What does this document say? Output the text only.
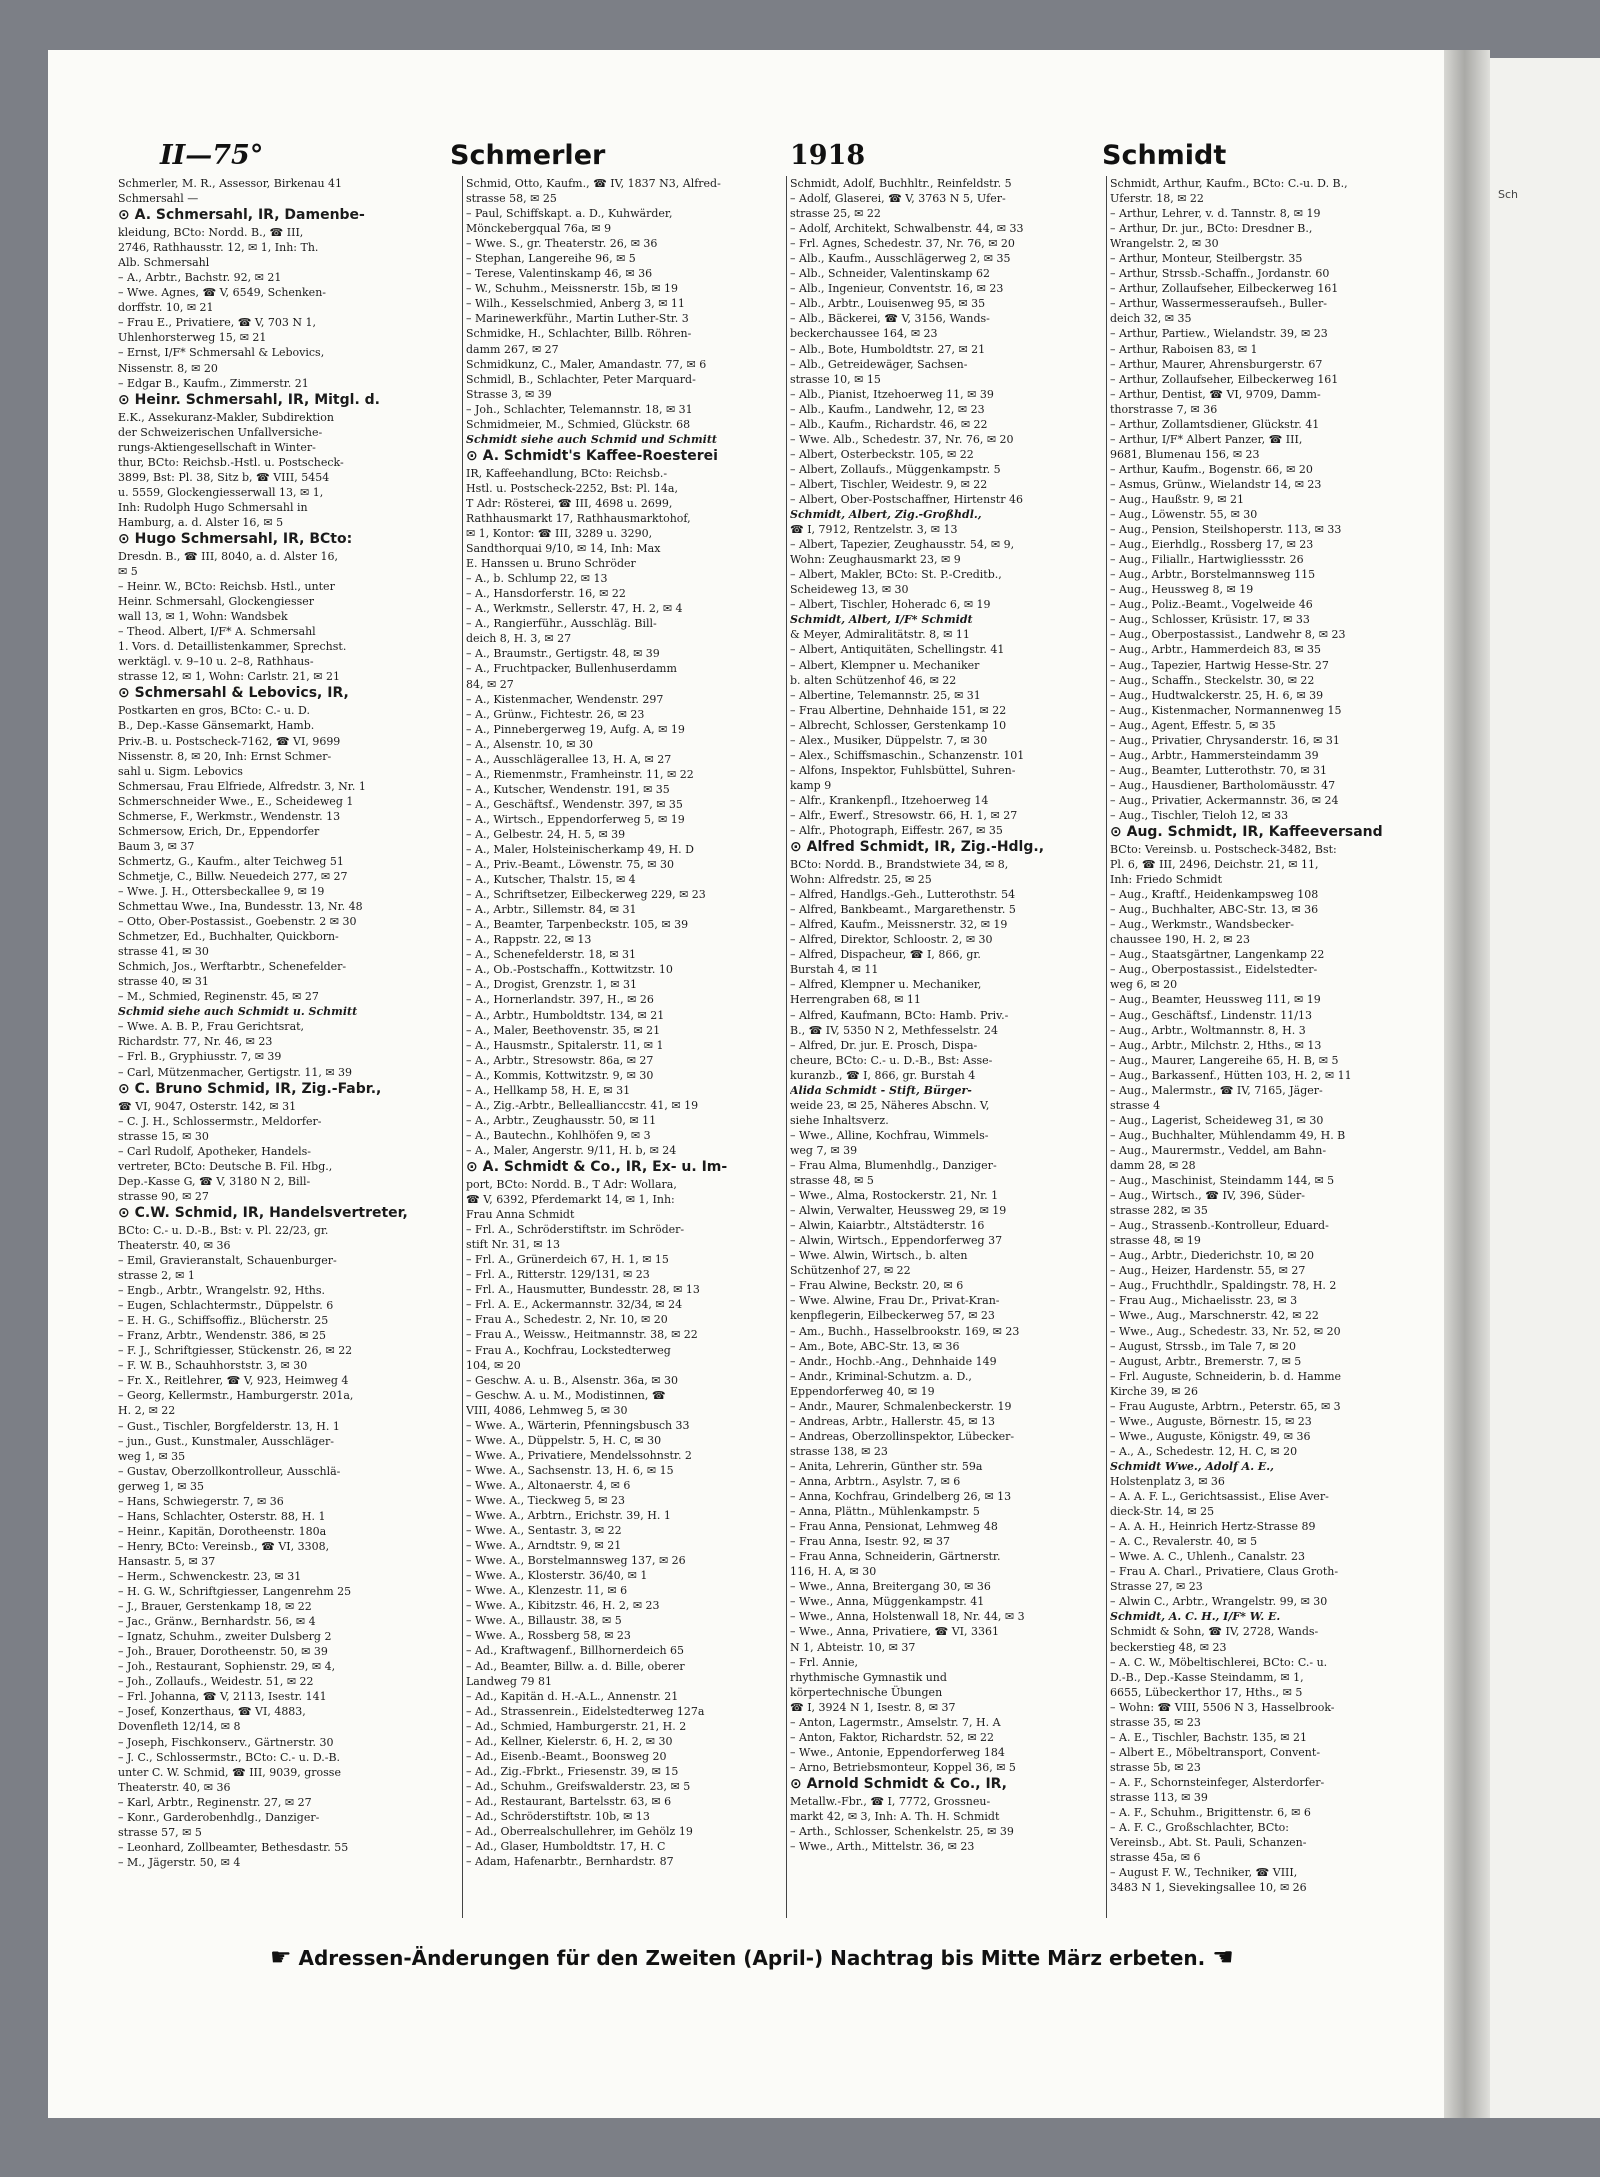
II—75°	Schmerler	1918	Schmidt

Schmerler, M. R., Assessor, Birkenau 41

Schmersahl —

⊙ A. Schmersahl, IR, Damenbe-

kleidung, BCto: Nordd. B., ☎ III,

2746, Rathhausstr. 12, ✉ 1, Inh: Th.

Alb. Schmersahl

– A., Arbtr., Bachstr. 92, ✉ 21

– Wwe. Agnes, ☎ V, 6549, Schenken-

dorffstr. 10, ✉ 21

– Frau E., Privatiere, ☎ V, 703 N 1,

Uhlenhorsterweg 15, ✉ 21

– Ernst, I/F* Schmersahl & Lebovics,

Nissenstr. 8, ✉ 20

– Edgar B., Kaufm., Zimmerstr. 21

⊙ Heinr. Schmersahl, IR, Mitgl. d.

E.K., Assekuranz-Makler, Subdirektion

der Schweizerischen Unfallversiche-

rungs-Aktiengesellschaft in Winter-

thur, BCto: Reichsb.-Hstl. u. Postscheck-

3899, Bst: Pl. 38, Sitz b, ☎ VIII, 5454

u. 5559, Glockengiesserwall 13, ✉ 1,

Inh: Rudolph Hugo Schmersahl in

Hamburg, a. d. Alster 16, ✉ 5

⊙ Hugo Schmersahl, IR, BCto:

Dresdn. B., ☎ III, 8040, a. d. Alster 16,

✉ 5

– Heinr. W., BCto: Reichsb. Hstl., unter

Heinr. Schmersahl, Glockengiesser

wall 13, ✉ 1, Wohn: Wandsbek

– Theod. Albert, I/F* A. Schmersahl

1. Vors. d. Detaillistenkammer, Sprechst.

werktägl. v. 9–10 u. 2–8, Rathhaus-

strasse 12, ✉ 1, Wohn: Carlstr. 21, ✉ 21

⊙ Schmersahl & Lebovics, IR,

Postkarten en gros, BCto: C.- u. D.

B., Dep.-Kasse Gänsemarkt, Hamb.

Priv.-B. u. Postscheck-7162, ☎ VI, 9699

Nissenstr. 8, ✉ 20, Inh: Ernst Schmer-

sahl u. Sigm. Lebovics

Schmersau, Frau Elfriede, Alfredstr. 3, Nr. 1

Schmerschneider Wwe., E., Scheideweg 1

Schmerse, F., Werkmstr., Wendenstr. 13

Schmersow, Erich, Dr., Eppendorfer

Baum 3, ✉ 37

Schmertz, G., Kaufm., alter Teichweg 51

Schmetje, C., Billw. Neuedeich 277, ✉ 27

– Wwe. J. H., Ottersbeckallee 9, ✉ 19

Schmettau Wwe., Ina, Bundesstr. 13, Nr. 48

– Otto, Ober-Postassist., Goebenstr. 2 ✉ 30

Schmetzer, Ed., Buchhalter, Quickborn-

strasse 41, ✉ 30

Schmich, Jos., Werftarbtr., Schenefelder-

strasse 40, ✉ 31

– M., Schmied, Reginenstr. 45, ✉ 27

Schmid siehe auch Schmidt u. Schmitt

– Wwe. A. B. P., Frau Gerichtsrat,

Richardstr. 77, Nr. 46, ✉ 23

– Frl. B., Gryphiusstr. 7, ✉ 39

– Carl, Mützenmacher, Gertigstr. 11, ✉ 39

⊙ C. Bruno Schmid, IR, Zig.-Fabr.,

☎ VI, 9047, Osterstr. 142, ✉ 31

– C. J. H., Schlossermstr., Meldorfer-

strasse 15, ✉ 30

– Carl Rudolf, Apotheker, Handels-

vertreter, BCto: Deutsche B. Fil. Hbg.,

Dep.-Kasse G, ☎ V, 3180 N 2, Bill-

strasse 90, ✉ 27

⊙ C.W. Schmid, IR, Handelsvertreter,

BCto: C.- u. D.-B., Bst: v. Pl. 22/23, gr.

Theaterstr. 40, ✉ 36

– Emil, Gravieranstalt, Schauenburger-

strasse 2, ✉ 1

– Engb., Arbtr., Wrangelstr. 92, Hths.

– Eugen, Schlachtermstr., Düppelstr. 6

– E. H. G., Schiffsoffiz., Blücherstr. 25

– Franz, Arbtr., Wendenstr. 386, ✉ 25

– F. J., Schriftgiesser, Stückenstr. 26, ✉ 22

– F. W. B., Schauhhorststr. 3, ✉ 30

– Fr. X., Reitlehrer, ☎ V, 923, Heimweg 4

– Georg, Kellermstr., Hamburgerstr. 201a,

H. 2, ✉ 22

– Gust., Tischler, Borgfelderstr. 13, H. 1

– jun., Gust., Kunstmaler, Ausschläger-

weg 1, ✉ 35

– Gustav, Oberzollkontrolleur, Ausschlä-

gerweg 1, ✉ 35

– Hans, Schwiegerstr. 7, ✉ 36

– Hans, Schlachter, Osterstr. 88, H. 1

– Heinr., Kapitän, Dorotheenstr. 180a

– Henry, BCto: Vereinsb., ☎ VI, 3308,

Hansastr. 5, ✉ 37

– Herm., Schwenckestr. 23, ✉ 31

– H. G. W., Schriftgiesser, Langenrehm 25

– J., Brauer, Gerstenkamp 18, ✉ 22

– Jac., Gränw., Bernhardstr. 56, ✉ 4

– Ignatz, Schuhm., zweiter Dulsberg 2

– Joh., Brauer, Dorotheenstr. 50, ✉ 39

– Joh., Restaurant, Sophienstr. 29, ✉ 4,

– Joh., Zollaufs., Weidestr. 51, ✉ 22

– Frl. Johanna, ☎ V, 2113, Isestr. 141

– Josef, Konzerthaus, ☎ VI, 4883,

Dovenfleth 12/14, ✉ 8

– Joseph, Fischkonserv., Gärtnerstr. 30

– J. C., Schlossermstr., BCto: C.- u. D.-B.

unter C. W. Schmid, ☎ III, 9039, grosse

Theaterstr. 40, ✉ 36

– Karl, Arbtr., Reginenstr. 27, ✉ 27

– Konr., Garderobenhdlg., Danziger-

strasse 57, ✉ 5

– Leonhard, Zollbeamter, Bethesdastr. 55

– M., Jägerstr. 50, ✉ 4

Schmid, Otto, Kaufm., ☎ IV, 1837 N3, Alfred-

strasse 58, ✉ 25

– Paul, Schiffskapt. a. D., Kuhwärder,

Mönckebergqual 76a, ✉ 9

– Wwe. S., gr. Theaterstr. 26, ✉ 36

– Stephan, Langereihe 96, ✉ 5

– Terese, Valentinskamp 46, ✉ 36

– W., Schuhm., Meissnerstr. 15b, ✉ 19

– Wilh., Kesselschmied, Anberg 3, ✉ 11

– Marinewerkführ., Martin Luther-Str. 3

Schmidke, H., Schlachter, Billb. Röhren-

damm 267, ✉ 27

Schmidkunz, C., Maler, Amandastr. 77, ✉ 6

Schmidl, B., Schlachter, Peter Marquard-

Strasse 3, ✉ 39

– Joh., Schlachter, Telemannstr. 18, ✉ 31

Schmidmeier, M., Schmied, Glückstr. 68

Schmidt siehe auch Schmid und Schmitt

⊙ A. Schmidt's Kaffee-Roesterei

IR, Kaffeehandlung, BCto: Reichsb.-

Hstl. u. Postscheck-2252, Bst: Pl. 14a,

T Adr: Rösterei, ☎ III, 4698 u. 2699,

Rathhausmarkt 17, Rathhausmarktohof,

✉ 1, Kontor: ☎ III, 3289 u. 3290,

Sandthorquai 9/10, ✉ 14, Inh: Max

E. Hanssen u. Bruno Schröder

– A., b. Schlump 22, ✉ 13

– A., Hansdorferstr. 16, ✉ 22

– A., Werkmstr., Sellerstr. 47, H. 2, ✉ 4

– A., Rangierführ., Ausschläg. Bill-

deich 8, H. 3, ✉ 27

– A., Braumstr., Gertigstr. 48, ✉ 39

– A., Fruchtpacker, Bullenhuserdamm

84, ✉ 27

– A., Kistenmacher, Wendenstr. 297

– A., Grünw., Fichtestr. 26, ✉ 23

– A., Pinnebergerweg 19, Aufg. A, ✉ 19

– A., Alsenstr. 10, ✉ 30

– A., Ausschlägerallee 13, H. A, ✉ 27

– A., Riemenmstr., Framheinstr. 11, ✉ 22

– A., Kutscher, Wendenstr. 191, ✉ 35

– A., Geschäftsf., Wendenstr. 397, ✉ 35

– A., Wirtsch., Eppendorferweg 5, ✉ 19

– A., Gelbestr. 24, H. 5, ✉ 39

– A., Maler, Holsteinischerkamp 49, H. D

– A., Priv.-Beamt., Löwenstr. 75, ✉ 30

– A., Kutscher, Thalstr. 15, ✉ 4

– A., Schriftsetzer, Eilbeckerweg 229, ✉ 23

– A., Arbtr., Sillemstr. 84, ✉ 31

– A., Beamter, Tarpenbeckstr. 105, ✉ 39

– A., Rappstr. 22, ✉ 13

– A., Schenefelderstr. 18, ✉ 31

– A., Ob.-Postschaffn., Kottwitzstr. 10

– A., Drogist, Grenzstr. 1, ✉ 31

– A., Hornerlandstr. 397, H., ✉ 26

– A., Arbtr., Humboldtstr. 134, ✉ 21

– A., Maler, Beethovenstr. 35, ✉ 21

– A., Hausmstr., Spitalerstr. 11, ✉ 1

– A., Arbtr., Stresowstr. 86a, ✉ 27

– A., Kommis, Kottwitzstr. 9, ✉ 30

– A., Hellkamp 58, H. E, ✉ 31

– A., Zig.-Arbtr., Belleallianccstr. 41, ✉ 19

– A., Arbtr., Zeughausstr. 50, ✉ 11

– A., Bautechn., Kohlhöfen 9, ✉ 3

– A., Maler, Angerstr. 9/11, H. b, ✉ 24

⊙ A. Schmidt & Co., IR, Ex- u. Im-

port, BCto: Nordd. B., T Adr: Wollara,

☎ V, 6392, Pferdemarkt 14, ✉ 1, Inh:

Frau Anna Schmidt

– Frl. A., Schröderstiftstr. im Schröder-

stift Nr. 31, ✉ 13

– Frl. A., Grünerdeich 67, H. 1, ✉ 15

– Frl. A., Ritterstr. 129/131, ✉ 23

– Frl. A., Hausmutter, Bundesstr. 28, ✉ 13

– Frl. A. E., Ackermannstr. 32/34, ✉ 24

– Frau A., Schedestr. 2, Nr. 10, ✉ 20

– Frau A., Weissw., Heitmannstr. 38, ✉ 22

– Frau A., Kochfrau, Lockstedterweg

104, ✉ 20

– Geschw. A. u. B., Alsenstr. 36a, ✉ 30

– Geschw. A. u. M., Modistinnen, ☎

VIII, 4086, Lehmweg 5, ✉ 30

– Wwe. A., Wärterin, Pfenningsbusch 33

– Wwe. A., Düppelstr. 5, H. C, ✉ 30

– Wwe. A., Privatiere, Mendelssohnstr. 2

– Wwe. A., Sachsenstr. 13, H. 6, ✉ 15

– Wwe. A., Altonaerstr. 4, ✉ 6

– Wwe. A., Tieckweg 5, ✉ 23

– Wwe. A., Arbtrn., Erichstr. 39, H. 1

– Wwe. A., Sentastr. 3, ✉ 22

– Wwe. A., Arndtstr. 9, ✉ 21

– Wwe. A., Borstelmannsweg 137, ✉ 26

– Wwe. A., Klosterstr. 36/40, ✉ 1

– Wwe. A., Klenzestr. 11, ✉ 6

– Wwe. A., Kibitzstr. 46, H. 2, ✉ 23

– Wwe. A., Billaustr. 38, ✉ 5

– Wwe. A., Rossberg 58, ✉ 23

– Ad., Kraftwagenf., Billhornerdeich 65

– Ad., Beamter, Billw. a. d. Bille, oberer

Landweg 79 81

– Ad., Kapitän d. H.-A.L., Annenstr. 21

– Ad., Strassenrein., Eidelstedterweg 127a

– Ad., Schmied, Hamburgerstr. 21, H. 2

– Ad., Kellner, Kielerstr. 6, H. 2, ✉ 30

– Ad., Eisenb.-Beamt., Boonsweg 20

– Ad., Zig.-Fbrkt., Friesenstr. 39, ✉ 15

– Ad., Schuhm., Greifswalderstr. 23, ✉ 5

– Ad., Restaurant, Bartelsstr. 63, ✉ 6

– Ad., Schröderstiftstr. 10b, ✉ 13

– Ad., Oberrealschullehrer, im Gehölz 19

– Ad., Glaser, Humboldtstr. 17, H. C

– Adam, Hafenarbtr., Bernhardstr. 87

Schmidt, Adolf, Buchhltr., Reinfeldstr. 5

– Adolf, Glaserei, ☎ V, 3763 N 5, Ufer-

strasse 25, ✉ 22

– Adolf, Architekt, Schwalbenstr. 44, ✉ 33

– Frl. Agnes, Schedestr. 37, Nr. 76, ✉ 20

– Alb., Kaufm., Ausschlägerweg 2, ✉ 35

– Alb., Schneider, Valentinskamp 62

– Alb., Ingenieur, Conventstr. 16, ✉ 23

– Alb., Arbtr., Louisenweg 95, ✉ 35

– Alb., Bäckerei, ☎ V, 3156, Wands-

beckerchaussee 164, ✉ 23

– Alb., Bote, Humboldtstr. 27, ✉ 21

– Alb., Getreidewäger, Sachsen-

strasse 10, ✉ 15

– Alb., Pianist, Itzehoerweg 11, ✉ 39

– Alb., Kaufm., Landwehr, 12, ✉ 23

– Alb., Kaufm., Richardstr. 46, ✉ 22

– Wwe. Alb., Schedestr. 37, Nr. 76, ✉ 20

– Albert, Osterbeckstr. 105, ✉ 22

– Albert, Zollaufs., Müggenkampstr. 5

– Albert, Tischler, Weidestr. 9, ✉ 22

– Albert, Ober-Postschaffner, Hirtenstr 46

Schmidt, Albert, Zig.-Großhdl.,

☎ I, 7912, Rentzelstr. 3, ✉ 13

– Albert, Tapezier, Zeughausstr. 54, ✉ 9,

Wohn: Zeughausmarkt 23, ✉ 9

– Albert, Makler, BCto: St. P.-Creditb.,

Scheideweg 13, ✉ 30

– Albert, Tischler, Hoheradc 6, ✉ 19

Schmidt, Albert, I/F* Schmidt

& Meyer, Admiralitätstr. 8, ✉ 11

– Albert, Antiquitäten, Schellingstr. 41

– Albert, Klempner u. Mechaniker

b. alten Schützenhof 46, ✉ 22

– Albertine, Telemannstr. 25, ✉ 31

– Frau Albertine, Dehnhaide 151, ✉ 22

– Albrecht, Schlosser, Gerstenkamp 10

– Alex., Musiker, Düppelstr. 7, ✉ 30

– Alex., Schiffsmaschin., Schanzenstr. 101

– Alfons, Inspektor, Fuhlsbüttel, Suhren-

kamp 9

– Alfr., Krankenpfl., Itzehoerweg 14

– Alfr., Ewerf., Stresowstr. 66, H. 1, ✉ 27

– Alfr., Photograph, Eiffestr. 267, ✉ 35

⊙ Alfred Schmidt, IR, Zig.-Hdlg.,

BCto: Nordd. B., Brandstwiete 34, ✉ 8,

Wohn: Alfredstr. 25, ✉ 25

– Alfred, Handlgs.-Geh., Lutterothstr. 54

– Alfred, Bankbeamt., Margarethenstr. 5

– Alfred, Kaufm., Meissnerstr. 32, ✉ 19

– Alfred, Direktor, Schloostr. 2, ✉ 30

– Alfred, Dispacheur, ☎ I, 866, gr.

Burstah 4, ✉ 11

– Alfred, Klempner u. Mechaniker,

Herrengraben 68, ✉ 11

– Alfred, Kaufmann, BCto: Hamb. Priv.-

B., ☎ IV, 5350 N 2, Methfesselstr. 24

– Alfred, Dr. jur. E. Prosch, Dispa-

cheure, BCto: C.- u. D.-B., Bst: Asse-

kuranzb., ☎ I, 866, gr. Burstah 4

Alida Schmidt - Stift, Bürger-

weide 23, ✉ 25, Näheres Abschn. V,

siehe Inhaltsverz.

– Wwe., Alline, Kochfrau, Wimmels-

weg 7, ✉ 39

– Frau Alma, Blumenhdlg., Danziger-

strasse 48, ✉ 5

– Wwe., Alma, Rostockerstr. 21, Nr. 1

– Alwin, Verwalter, Heussweg 29, ✉ 19

– Alwin, Kaiarbtr., Altstädterstr. 16

– Alwin, Wirtsch., Eppendorferweg 37

– Wwe. Alwin, Wirtsch., b. alten

Schützenhof 27, ✉ 22

– Frau Alwine, Beckstr. 20, ✉ 6

– Wwe. Alwine, Frau Dr., Privat-Kran-

kenpflegerin, Eilbeckerweg 57, ✉ 23

– Am., Buchh., Hasselbrookstr. 169, ✉ 23

– Am., Bote, ABC-Str. 13, ✉ 36

– Andr., Hochb.-Ang., Dehnhaide 149

– Andr., Kriminal-Schutzm. a. D.,

Eppendorferweg 40, ✉ 19

– Andr., Maurer, Schmalenbeckerstr. 19

– Andreas, Arbtr., Hallerstr. 45, ✉ 13

– Andreas, Oberzollinspektor, Lübecker-

strasse 138, ✉ 23

– Anita, Lehrerin, Günther str. 59a

– Anna, Arbtrn., Asylstr. 7, ✉ 6

– Anna, Kochfrau, Grindelberg 26, ✉ 13

– Anna, Plättn., Mühlenkampstr. 5

– Frau Anna, Pensionat, Lehmweg 48

– Frau Anna, Isestr. 92, ✉ 37

– Frau Anna, Schneiderin, Gärtnerstr.

116, H. A, ✉ 30

– Wwe., Anna, Breitergang 30, ✉ 36

– Wwe., Anna, Müggenkampstr. 41

– Wwe., Anna, Holstenwall 18, Nr. 44, ✉ 3

– Wwe., Anna, Privatiere, ☎ VI, 3361

N 1, Abteistr. 10, ✉ 37

– Frl. Annie,

rhythmische Gymnastik und

körpertechnische Übungen

☎ I, 3924 N 1, Isestr. 8, ✉ 37

– Anton, Lagermstr., Amselstr. 7, H. A

– Anton, Faktor, Richardstr. 52, ✉ 22

– Wwe., Antonie, Eppendorferweg 184

– Arno, Betriebsmonteur, Koppel 36, ✉ 5

⊙ Arnold Schmidt & Co., IR,

Metallw.-Fbr., ☎ I, 7772, Grossneu-

markt 42, ✉ 3, Inh: A. Th. H. Schmidt

– Arth., Schlosser, Schenkelstr. 25, ✉ 39

– Wwe., Arth., Mittelstr. 36, ✉ 23

Schmidt, Arthur, Kaufm., BCto: C.-u. D. B.,

Uferstr. 18, ✉ 22

– Arthur, Lehrer, v. d. Tannstr. 8, ✉ 19

– Arthur, Dr. jur., BCto: Dresdner B.,

Wrangelstr. 2, ✉ 30

– Arthur, Monteur, Steilbergstr. 35

– Arthur, Strssb.-Schaffn., Jordanstr. 60

– Arthur, Zollaufseher, Eilbeckerweg 161

– Arthur, Wassermesseraufseh., Buller-

deich 32, ✉ 35

– Arthur, Partiew., Wielandstr. 39, ✉ 23

– Arthur, Raboisen 83, ✉ 1

– Arthur, Maurer, Ahrensburgerstr. 67

– Arthur, Zollaufseher, Eilbeckerweg 161

– Arthur, Dentist, ☎ VI, 9709, Damm-

thorstrasse 7, ✉ 36

– Arthur, Zollamtsdiener, Glückstr. 41

– Arthur, I/F* Albert Panzer, ☎ III,

9681, Blumenau 156, ✉ 23

– Arthur, Kaufm., Bogenstr. 66, ✉ 20

– Asmus, Grünw., Wielandstr 14, ✉ 23

– Aug., Haußstr. 9, ✉ 21

– Aug., Löwenstr. 55, ✉ 30

– Aug., Pension, Steilshoperstr. 113, ✉ 33

– Aug., Eierhdlg., Rossberg 17, ✉ 23

– Aug., Filiallr., Hartwigliessstr. 26

– Aug., Arbtr., Borstelmannsweg 115

– Aug., Heussweg 8, ✉ 19

– Aug., Poliz.-Beamt., Vogelweide 46

– Aug., Schlosser, Krüsistr. 17, ✉ 33

– Aug., Oberpostassist., Landwehr 8, ✉ 23

– Aug., Arbtr., Hammerdeich 83, ✉ 35

– Aug., Tapezier, Hartwig Hesse-Str. 27

– Aug., Schaffn., Steckelstr. 30, ✉ 22

– Aug., Hudtwalckerstr. 25, H. 6, ✉ 39

– Aug., Kistenmacher, Normannenweg 15

– Aug., Agent, Effestr. 5, ✉ 35

– Aug., Privatier, Chrysanderstr. 16, ✉ 31

– Aug., Arbtr., Hammersteindamm 39

– Aug., Beamter, Lutterothstr. 70, ✉ 31

– Aug., Hausdiener, Bartholomäusstr. 47

– Aug., Privatier, Ackermannstr. 36, ✉ 24

– Aug., Tischler, Tieloh 12, ✉ 33

⊙ Aug. Schmidt, IR, Kaffeeversand

BCto: Vereinsb. u. Postscheck-3482, Bst:

Pl. 6, ☎ III, 2496, Deichstr. 21, ✉ 11,

Inh: Friedo Schmidt

– Aug., Kraftf., Heidenkampsweg 108

– Aug., Buchhalter, ABC-Str. 13, ✉ 36

– Aug., Werkmstr., Wandsbecker-

chaussee 190, H. 2, ✉ 23

– Aug., Staatsgärtner, Langenkamp 22

– Aug., Oberpostassist., Eidelstedter-

weg 6, ✉ 20

– Aug., Beamter, Heussweg 111, ✉ 19

– Aug., Geschäftsf., Lindenstr. 11/13

– Aug., Arbtr., Woltmannstr. 8, H. 3

– Aug., Arbtr., Milchstr. 2, Hths., ✉ 13

– Aug., Maurer, Langereihe 65, H. B, ✉ 5

– Aug., Barkassenf., Hütten 103, H. 2, ✉ 11

– Aug., Malermstr., ☎ IV, 7165, Jäger-

strasse 4

– Aug., Lagerist, Scheideweg 31, ✉ 30

– Aug., Buchhalter, Mühlendamm 49, H. B

– Aug., Maurermstr., Veddel, am Bahn-

damm 28, ✉ 28

– Aug., Maschinist, Steindamm 144, ✉ 5

– Aug., Wirtsch., ☎ IV, 396, Süder-

strasse 282, ✉ 35

– Aug., Strassenb.-Kontrolleur, Eduard-

strasse 48, ✉ 19

– Aug., Arbtr., Diederichstr. 10, ✉ 20

– Aug., Heizer, Hardenstr. 55, ✉ 27

– Aug., Fruchthdlr., Spaldingstr. 78, H. 2

– Frau Aug., Michaelisstr. 23, ✉ 3

– Wwe., Aug., Marschnerstr. 42, ✉ 22

– Wwe., Aug., Schedestr. 33, Nr. 52, ✉ 20

– August, Strssb., im Tale 7, ✉ 20

– August, Arbtr., Bremerstr. 7, ✉ 5

– Frl. Auguste, Schneiderin, b. d. Hamme

Kirche 39, ✉ 26

– Frau Auguste, Arbtrn., Peterstr. 65, ✉ 3

– Wwe., Auguste, Börnestr. 15, ✉ 23

– Wwe., Auguste, Königstr. 49, ✉ 36

– A., A., Schedestr. 12, H. C, ✉ 20

Schmidt Wwe., Adolf A. E.,

Holstenplatz 3, ✉ 36

– A. A. F. L., Gerichtsassist., Elise Aver-

dieck-Str. 14, ✉ 25

– A. A. H., Heinrich Hertz-Strasse 89

– A. C., Revalerstr. 40, ✉ 5

– Wwe. A. C., Uhlenh., Canalstr. 23

– Frau A. Charl., Privatiere, Claus Groth-

Strasse 27, ✉ 23

– Alwin C., Arbtr., Wrangelstr. 99, ✉ 30

Schmidt, A. C. H., I/F* W. E.

Schmidt & Sohn, ☎ IV, 2728, Wands-

beckerstieg 48, ✉ 23

– A. C. W., Möbeltischlerei, BCto: C.- u.

D.-B., Dep.-Kasse Steindamm, ✉ 1,

6655, Lübeckerthor 17, Hths., ✉ 5

– Wohn: ☎ VIII, 5506 N 3, Hasselbrook-

strasse 35, ✉ 23

– A. E., Tischler, Bachstr. 135, ✉ 21

– Albert E., Möbeltransport, Convent-

strasse 5b, ✉ 23

– A. F., Schornsteinfeger, Alsterdorfer-

strasse 113, ✉ 39

– A. F., Schuhm., Brigittenstr. 6, ✉ 6

– A. F. C., Großschlachter, BCto:

Vereinsb., Abt. St. Pauli, Schanzen-

strasse 45a, ✉ 6

– August F. W., Techniker, ☎ VIII,

3483 N 1, Sievekingsallee 10, ✉ 26

☛ Adressen-Änderungen für den Zweiten (April-) Nachtrag bis Mitte März erbeten. ☚
Sch
